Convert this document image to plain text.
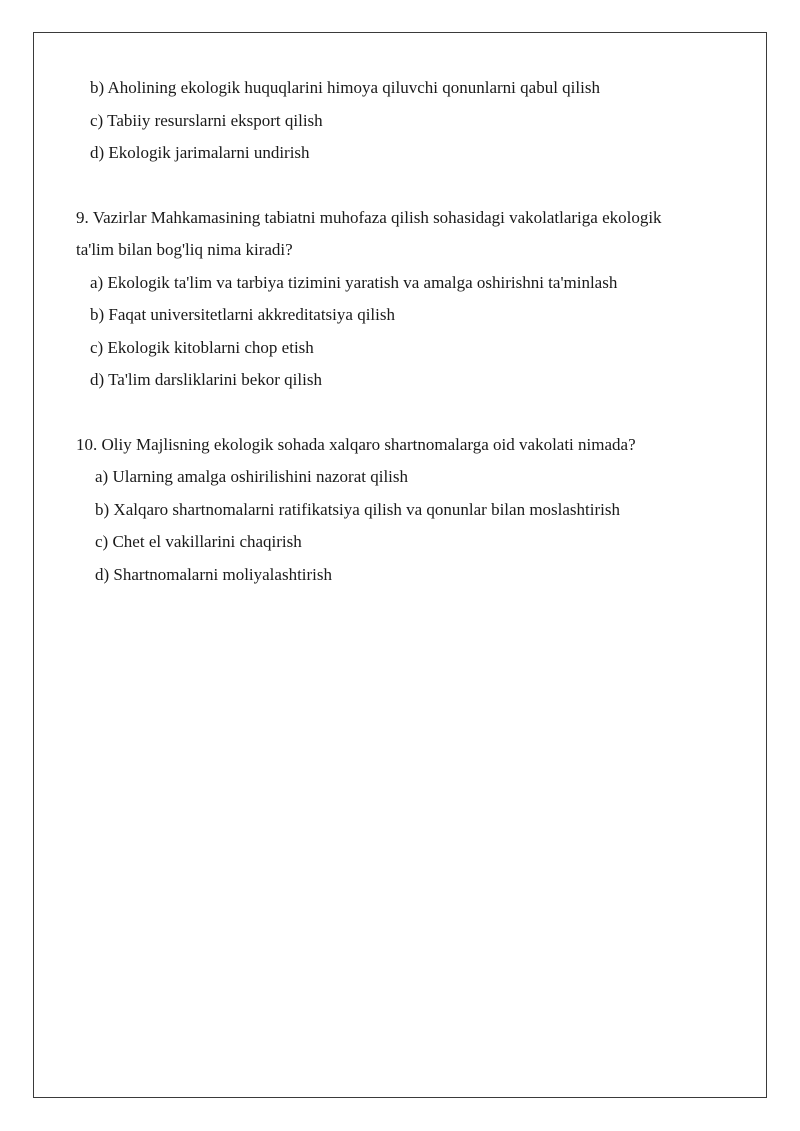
b) Aholining ekologik huquqlarini himoya qiluvchi qonunlarni qabul qilish
c) Tabiiy resurslarni eksport qilish
d) Ekologik jarimalarni undirish
9. Vazirlar Mahkamasining tabiatni muhofaza qilish sohasidagi vakolatlariga ekologik
ta'lim bilan bog'liq nima kiradi?
a) Ekologik ta'lim va tarbiya tizimini yaratish va amalga oshirishni ta'minlash
b) Faqat universitetlarni akkreditatsiya qilish
c) Ekologik kitoblarni chop etish
d) Ta'lim darsliklarini bekor qilish
10. Oliy Majlisning ekologik sohada xalqaro shartnomalarga oid vakolati nimada?
a) Ularning amalga oshirilishini nazorat qilish
b) Xalqaro shartnomalarni ratifikatsiya qilish va qonunlar bilan moslashtirish
c) Chet el vakillarini chaqirish
d) Shartnomalarni moliyalashtirish
